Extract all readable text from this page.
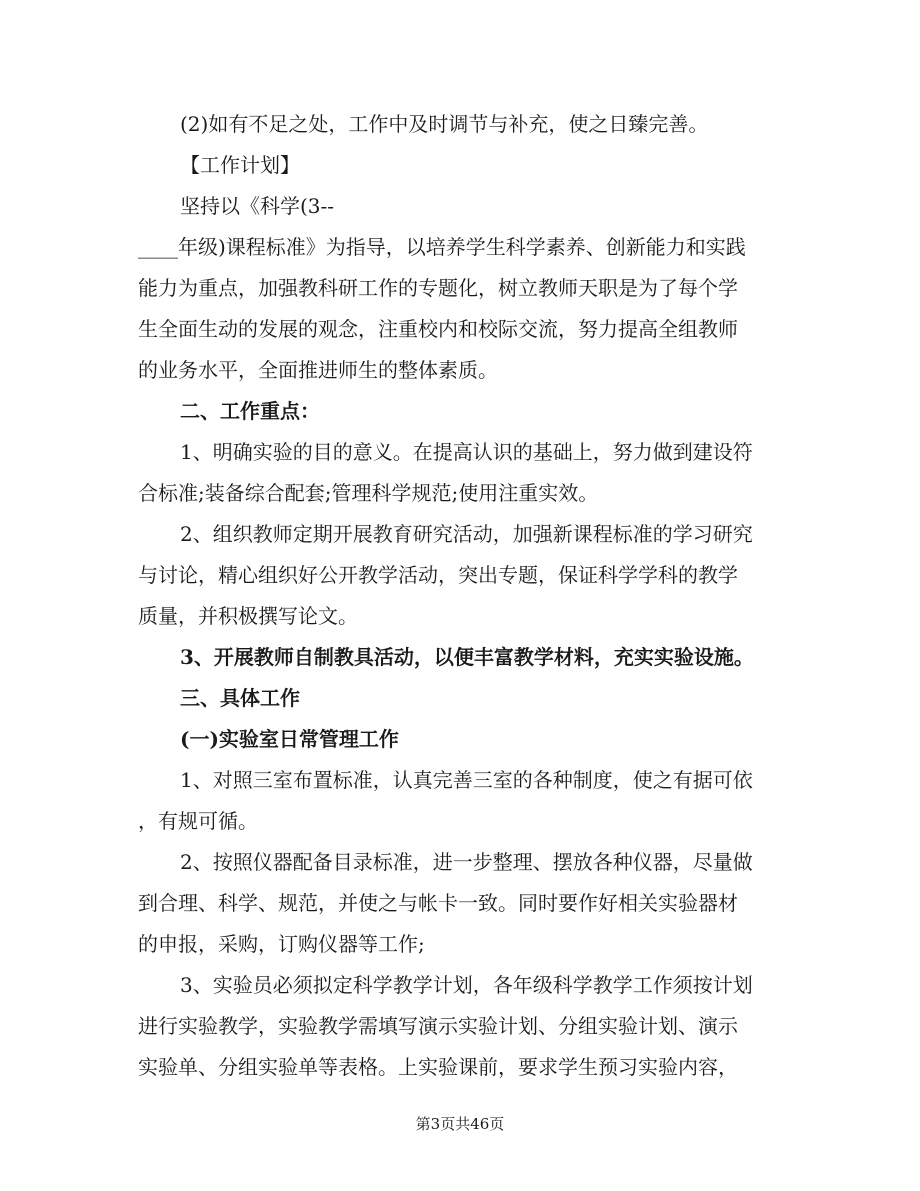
(2)如有不足之处，工作中及时调节与补充，使之日臻完善。
【工作计划】
坚持以《科学(3--
____年级)课程标准》为指导，以培养学生科学素养、创新能力和实践
能力为重点，加强教科研工作的专题化，树立教师天职是为了每个学
生全面生动的发展的观念，注重校内和校际交流，努力提高全组教师
的业务水平，全面推进师生的整体素质。
二、工作重点：
1、明确实验的目的意义。在提高认识的基础上，努力做到建设符
合标准;装备综合配套;管理科学规范;使用注重实效。
2、组织教师定期开展教育研究活动，加强新课程标准的学习研究
与讨论，精心组织好公开教学活动，突出专题，保证科学学科的教学
质量，并积极撰写论文。
3、开展教师自制教具活动，以便丰富教学材料，充实实验设施。
三、具体工作
(一)实验室日常管理工作
1、对照三室布置标准，认真完善三室的各种制度，使之有据可依
，有规可循。
2、按照仪器配备目录标准，进一步整理、摆放各种仪器，尽量做
到合理、科学、规范，并使之与帐卡一致。同时要作好相关实验器材
的申报，采购，订购仪器等工作;
3、实验员必须拟定科学教学计划，各年级科学教学工作须按计划
进行实验教学，实验教学需填写演示实验计划、分组实验计划、演示
实验单、分组实验单等表格。上实验课前，要求学生预习实验内容，
第3页共46页
